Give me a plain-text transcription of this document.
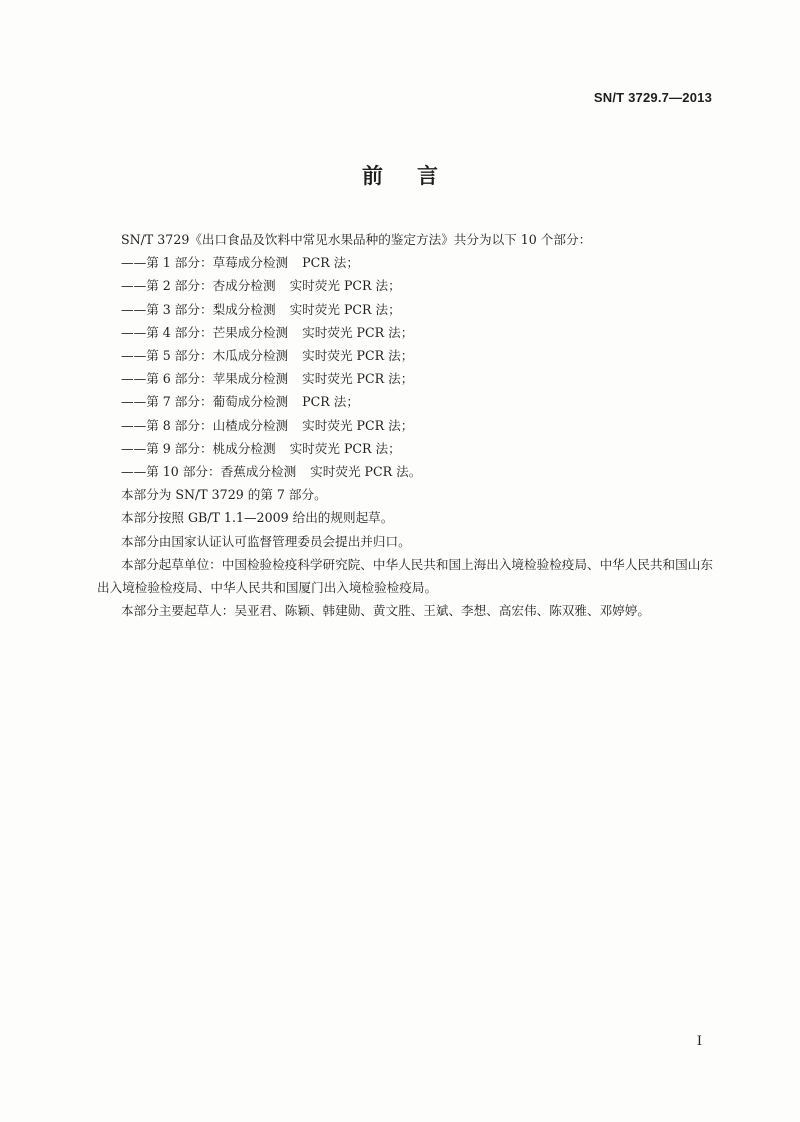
SN/T 3729.7—2013
前言

SN/T 3729《出口食品及饮料中常见水果品种的鉴定方法》共分为以下 10 个部分：

——第 1 部分：草莓成分检测 PCR 法；

——第 2 部分：杏成分检测 实时荧光 PCR 法；

——第 3 部分：梨成分检测 实时荧光 PCR 法；

——第 4 部分：芒果成分检测 实时荧光 PCR 法；

——第 5 部分：木瓜成分检测 实时荧光 PCR 法；

——第 6 部分：苹果成分检测 实时荧光 PCR 法；

——第 7 部分：葡萄成分检测 PCR 法；

——第 8 部分：山楂成分检测 实时荧光 PCR 法；

——第 9 部分：桃成分检测 实时荧光 PCR 法；

——第 10 部分：香蕉成分检测 实时荧光 PCR 法。

本部分为 SN/T 3729 的第 7 部分。

本部分按照 GB/T 1.1—2009 给出的规则起草。

本部分由国家认证认可监督管理委员会提出并归口。

本部分起草单位：中国检验检疫科学研究院、中华人民共和国上海出入境检验检疫局、中华人民共和国山东出入境检验检疫局、中华人民共和国厦门出入境检验检疫局。

本部分主要起草人：吴亚君、陈颖、韩建勋、黄文胜、王斌、李想、高宏伟、陈双雅、邓婷婷。

I
